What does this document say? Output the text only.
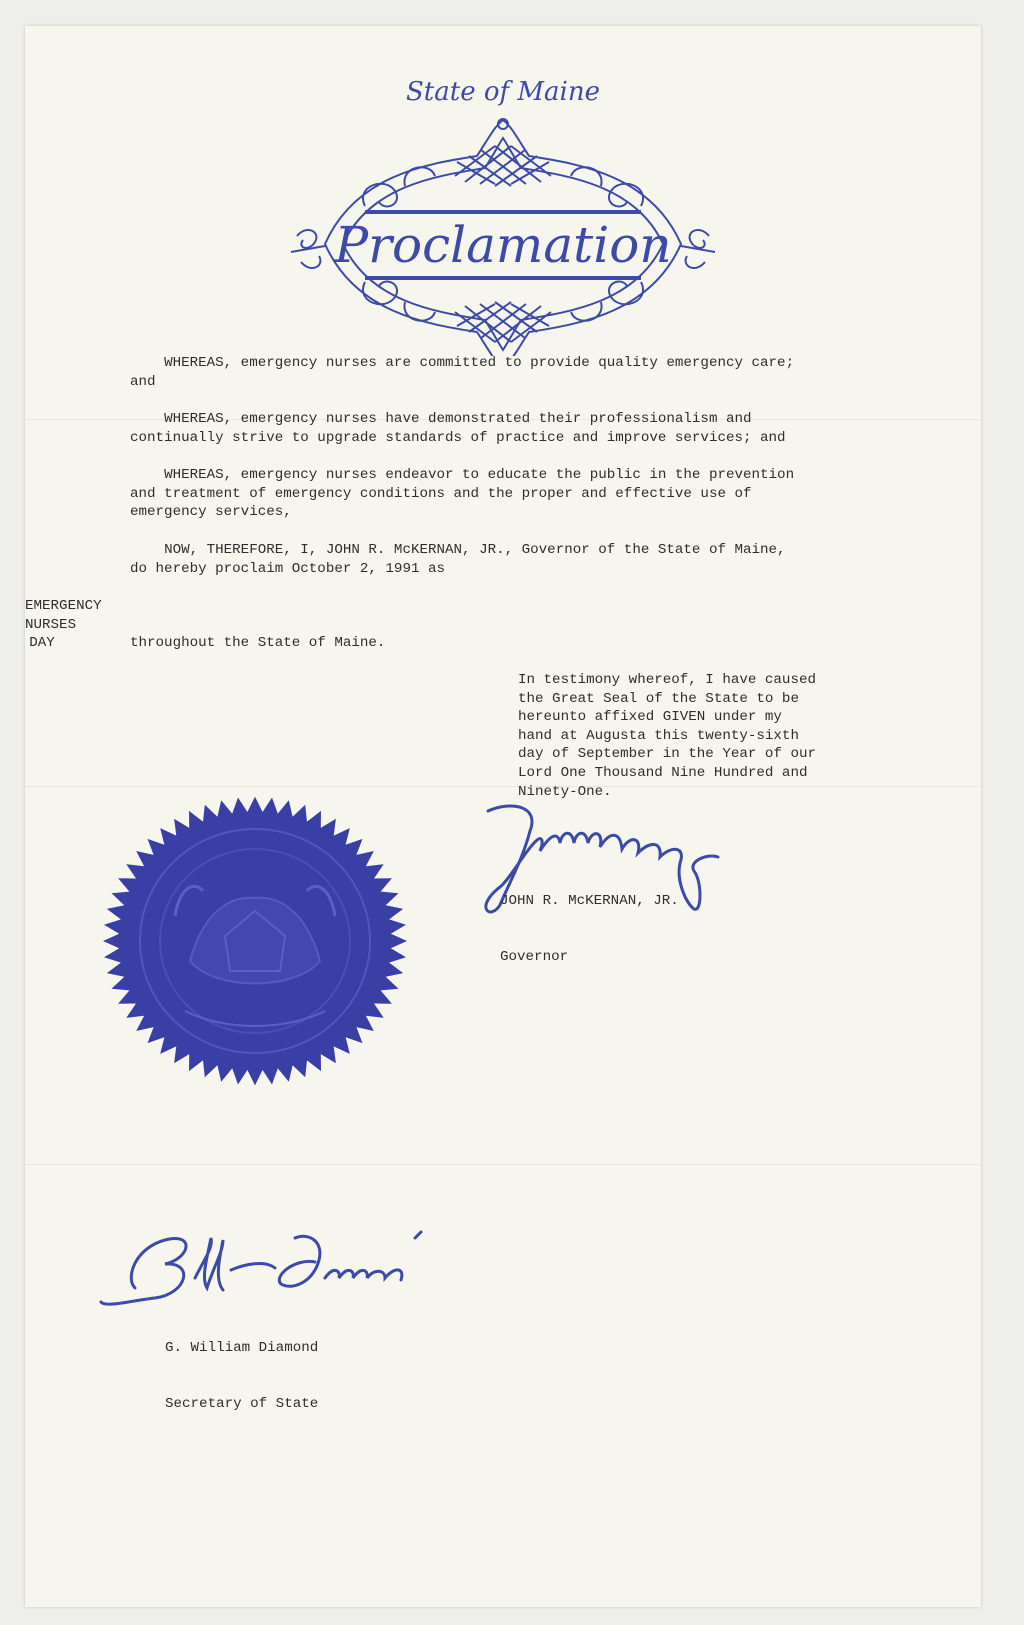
State of Maine
Proclamation

WHEREAS, emergency nurses are committed to provide quality emergency care;
and

WHEREAS, emergency nurses have demonstrated their professionalism and
continually strive to upgrade standards of practice and improve services; and

WHEREAS, emergency nurses endeavor to educate the public in the prevention
and treatment of emergency conditions and the proper and effective use of
emergency services,

NOW, THEREFORE, I, JOHN R. McKERNAN, JR., Governor of the State of Maine,
do hereby proclaim October 2, 1991 as

EMERGENCY NURSES DAY

	throughout the State of Maine.

In testimony whereof, I have caused
the Great Seal of the State to be
hereunto affixed GIVEN under my
hand at Augusta this twenty-sixth
day of September in the Year of our
Lord One Thousand Nine Hundred and
Ninety-One.

JOHN R. McKERNAN, JR.

Governor

G. William Diamond

Secretary of State
